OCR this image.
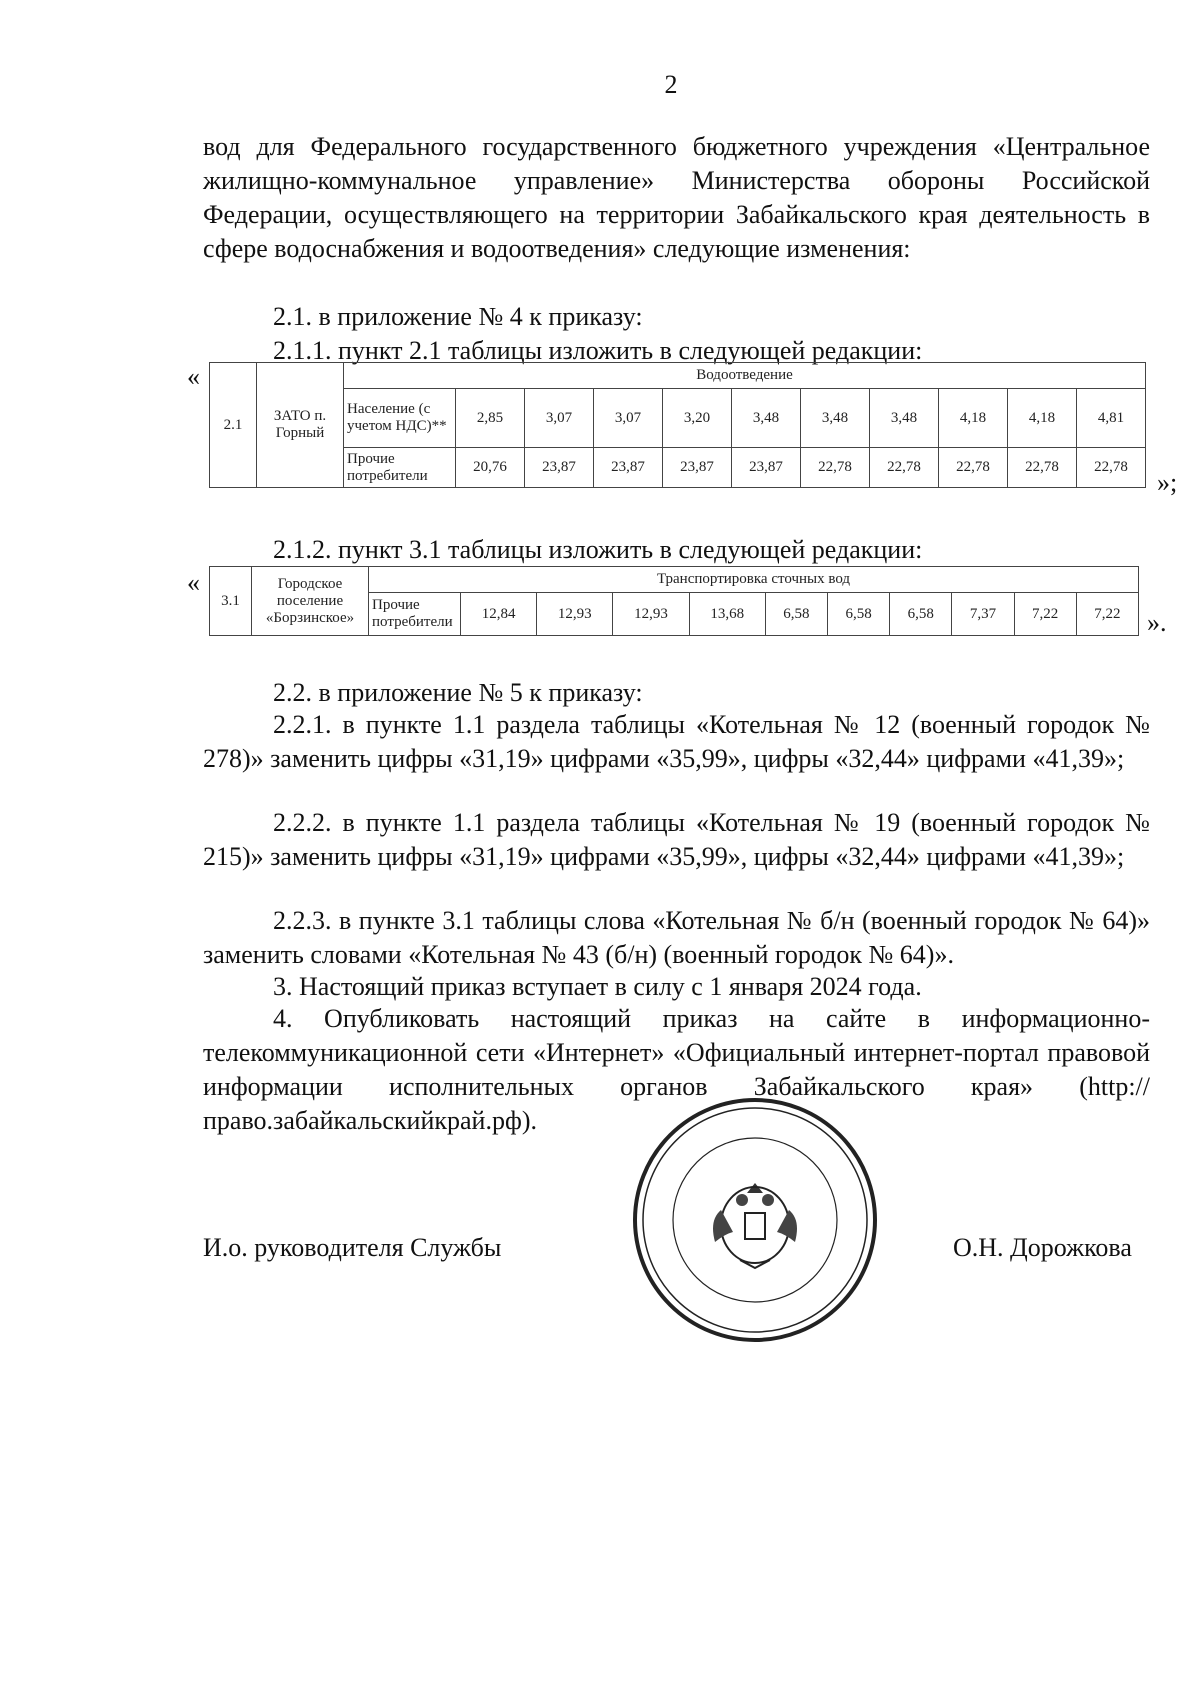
2
вод для Федерального государственного бюджетного учреждения «Центральное жилищно-коммунальное управление» Министерства обороны Российской Федерации, осуществляющего на территории Забайкальского края деятельность в сфере водоснабжения и водоотведения» следующие изменения:
2.1. в приложение № 4 к приказу:
2.1.1. пункт 2.1 таблицы изложить в следующей редакции:
«
2.1	ЗАТО п. Горный	Водоотведение										
		Население (с учетом НДС)**	2,85	3,07	3,07	3,20	3,48	3,48	3,48	4,18	4,18	4,81
		Прочие потребители	20,76	23,87	23,87	23,87	23,87	22,78	22,78	22,78	22,78	22,78
»;
2.1.2. пункт 3.1 таблицы изложить в следующей редакции:
«
3.1	Городское поселение «Борзинское»	Транспортировка сточных вод										
		Прочие потребители	12,84	12,93	12,93	13,68	6,58	6,58	6,58	7,37	7,22	7,22 ».
2.2. в приложение № 5 к приказу:
2.2.1. в пункте 1.1 раздела таблицы «Котельная № 12 (военный городок № 278)» заменить цифры «31,19» цифрами «35,99», цифры «32,44» цифрами «41,39»;
2.2.2. в пункте 1.1 раздела таблицы «Котельная № 19 (военный городок № 215)» заменить цифры «31,19» цифрами «35,99», цифры «32,44» цифрами «41,39»;
2.2.3. в пункте 3.1 таблицы слова «Котельная № б/н (военный городок № 64)» заменить словами «Котельная № 43 (б/н) (военный городок № 64)».
3. Настоящий приказ вступает в силу с 1 января 2024 года.
4. Опубликовать настоящий приказ на сайте в информационно-телекоммуникационной сети «Интернет» «Официальный интернет-портал правовой информации исполнительных органов Забайкальского края» (http://право.забайкальскийкрай.рф).
И.о. руководителя Службы	О.Н. Дорожкова
